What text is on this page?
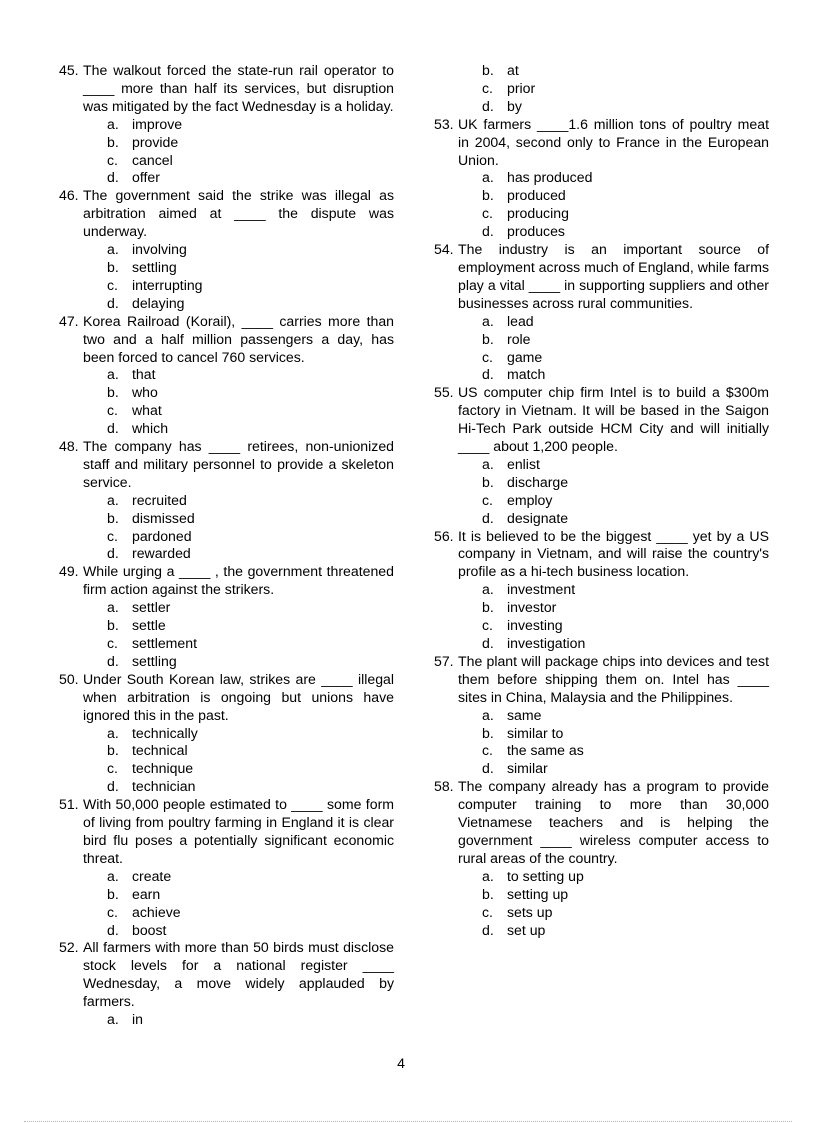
45. The walkout forced the state-run rail operator to ____ more than half its services, but disruption was mitigated by the fact Wednesday is a holiday.
a. improve
b. provide
c. cancel
d. offer
46. The government said the strike was illegal as arbitration aimed at ____ the dispute was underway.
a. involving
b. settling
c. interrupting
d. delaying
47. Korea Railroad (Korail), ____ carries more than two and a half million passengers a day, has been forced to cancel 760 services.
a. that
b. who
c. what
d. which
48. The company has ____ retirees, non-unionized staff and military personnel to provide a skeleton service.
a. recruited
b. dismissed
c. pardoned
d. rewarded
49. While urging a ____ , the government threatened firm action against the strikers.
a. settler
b. settle
c. settlement
d. settling
50. Under South Korean law, strikes are ____ illegal when arbitration is ongoing but unions have ignored this in the past.
a. technically
b. technical
c. technique
d. technician
51. With 50,000 people estimated to ____ some form of living from poultry farming in England it is clear bird flu poses a potentially significant economic threat.
a. create
b. earn
c. achieve
d. boost
52. All farmers with more than 50 birds must disclose stock levels for a national register ____ Wednesday, a move widely applauded by farmers.
a. in
b. at
c. prior
d. by
53. UK farmers ____1.6 million tons of poultry meat in 2004, second only to France in the European Union.
a. has produced
b. produced
c. producing
d. produces
54. The industry is an important source of employment across much of England, while farms play a vital ____ in supporting suppliers and other businesses across rural communities.
a. lead
b. role
c. game
d. match
55. US computer chip firm Intel is to build a $300m factory in Vietnam. It will be based in the Saigon Hi-Tech Park outside HCM City and will initially ____ about 1,200 people.
a. enlist
b. discharge
c. employ
d. designate
56. It is believed to be the biggest ____ yet by a US company in Vietnam, and will raise the country's profile as a hi-tech business location.
a. investment
b. investor
c. investing
d. investigation
57. The plant will package chips into devices and test them before shipping them on. Intel has ____ sites in China, Malaysia and the Philippines.
a. same
b. similar to
c. the same as
d. similar
58. The company already has a program to provide computer training to more than 30,000 Vietnamese teachers and is helping the government ____ wireless computer access to rural areas of the country.
a. to setting up
b. setting up
c. sets up
d. set up
4
